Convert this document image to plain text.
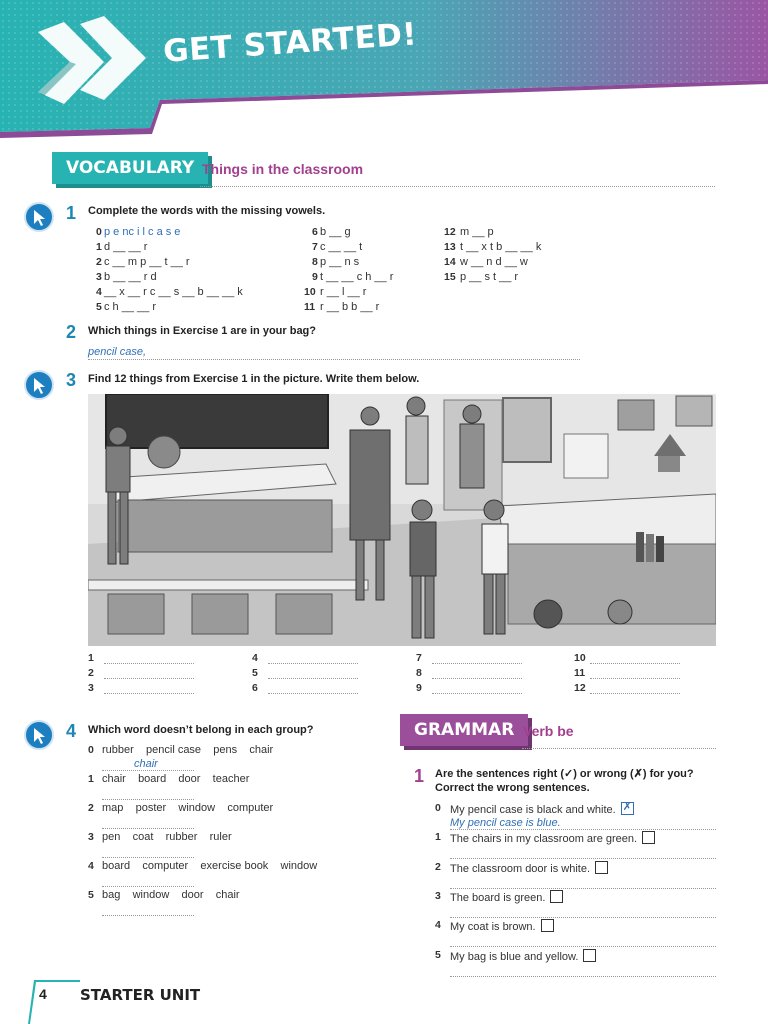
GET STARTED!
VOCABULARY Things in the classroom
1 Complete the words with the missing vowels.
0 p e nc i l c a s e
1 d __ __ r
2 c __ m p __ t __ r
3 b __ __ r d
4 __ x __ r c __ s __ b __ __ k
5 c h __ __ r
6 b __ g
7 c __ __ t
8 p __ n s
9 t __ __ c h __ r
10 r __ l __ r
11 r __ b b __ r
12 m __ p
13 t __ x t b __ __ k
14 w __ n d __ w
15 p __ s t __ r
2 Which things in Exercise 1 are in your bag?
pencil case,
3 Find 12 things from Exercise 1 in the picture. Write them below.
1
2
3
4
5
6
7
8
9
10
11
12
4 Which word doesn’t belong in each group?
0 rubber    pencil case    pens    chair
chair
1 chair    board    door    teacher
2 map    poster    window    computer
3 pen    coat    rubber    ruler
4 board    computer    exercise book    window
5 bag    window    door    chair
GRAMMAR Verb be
1 Are the sentences right (✓) or wrong (✗) for you?
Correct the wrong sentences.
0 My pencil case is black and white.✗
My pencil case is blue.
1 The chairs in my classroom are green.
2 The classroom door is white.
3 The board is green.
4 My coat is brown.
5 My bag is blue and yellow.
4 STARTER UNIT
